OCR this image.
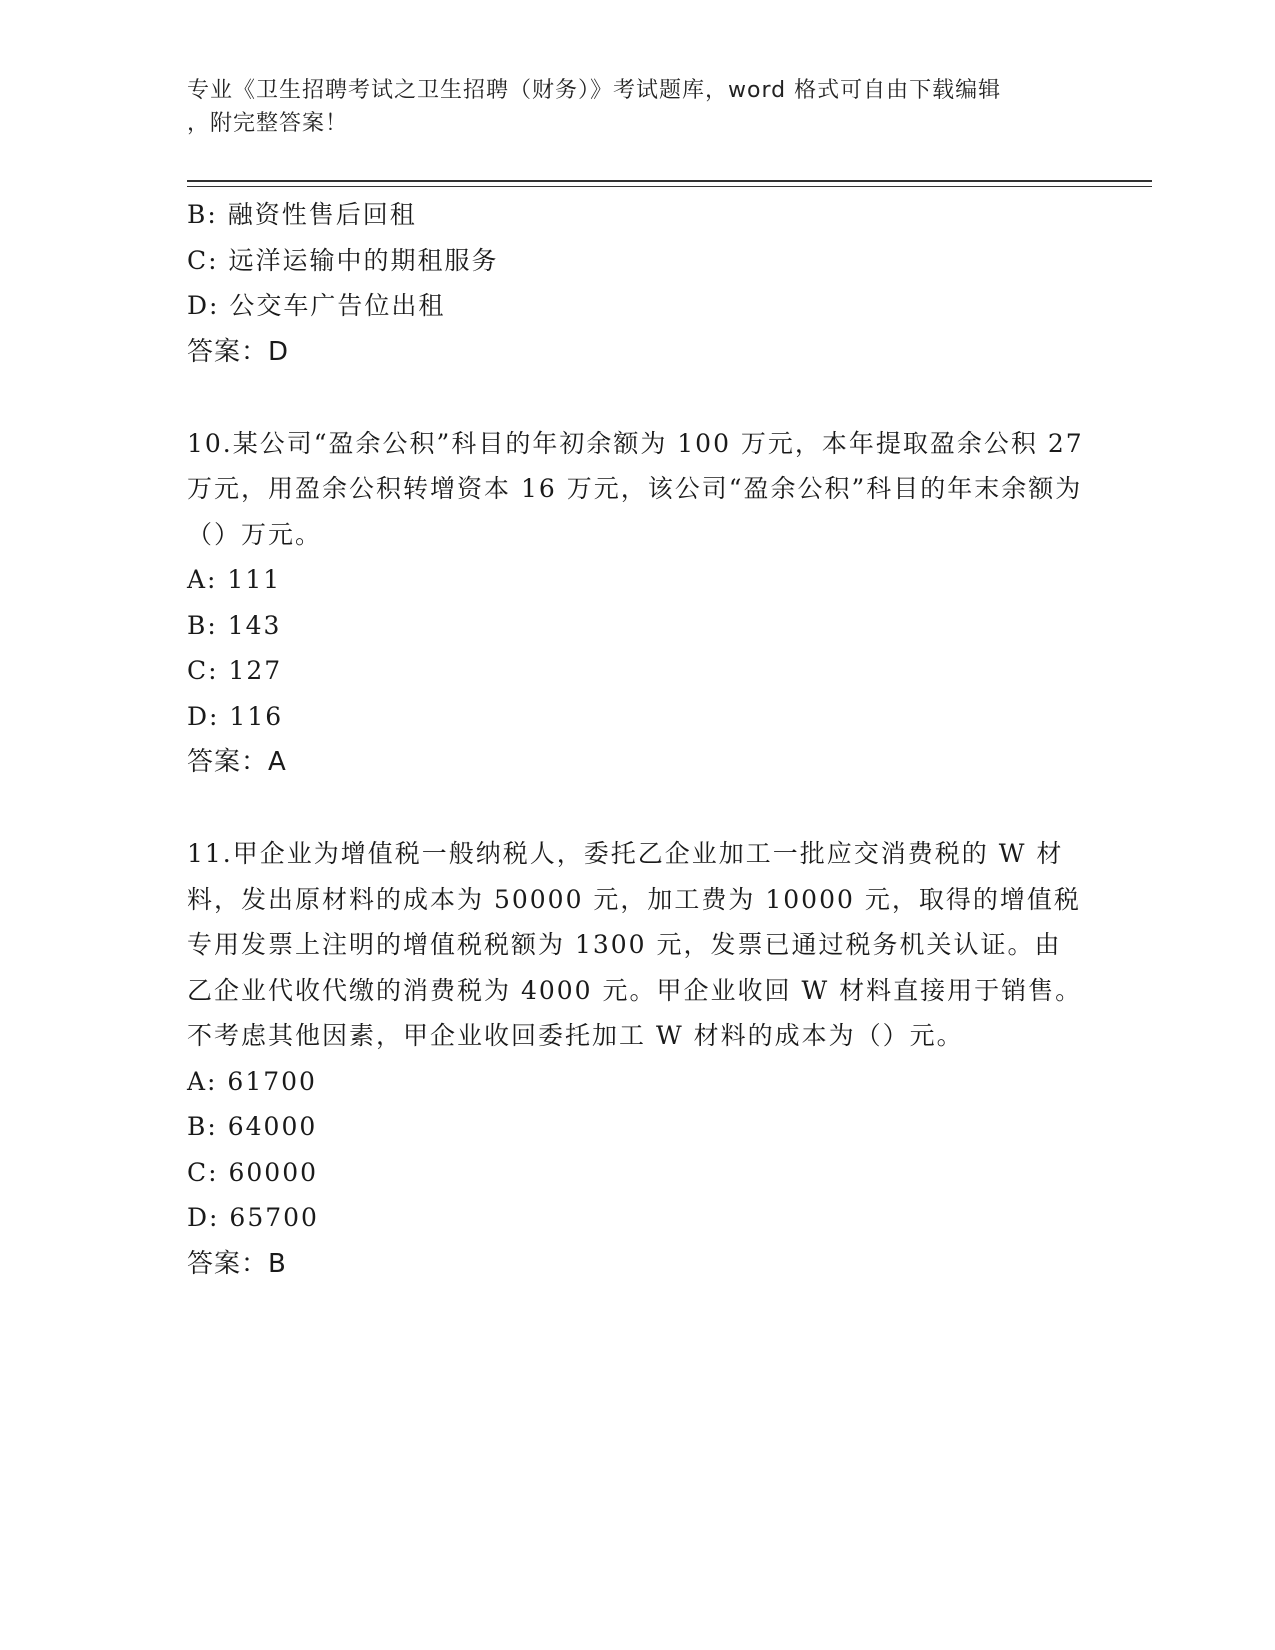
专业《卫生招聘考试之卫生招聘（财务）》考试题库，word 格式可自由下载编辑
，附完整答案！
B: 融资性售后回租
C: 远洋运输中的期租服务
D: 公交车广告位出租
答案：D
10.某公司“盈余公积”科目的年初余额为 100 万元，本年提取盈余公积 27 万元，用盈余公积转增资本 16 万元，该公司“盈余公积”科目的年末余额为（）万元。
A: 111
B: 143
C: 127
D: 116
答案：A
11.甲企业为增值税一般纳税人，委托乙企业加工一批应交消费税的 W 材料，发出原材料的成本为 50000 元，加工费为 10000 元，取得的增值税专用发票上注明的增值税税额为 1300 元，发票已通过税务机关认证。由乙企业代收代缴的消费税为 4000 元。甲企业收回 W 材料直接用于销售。不考虑其他因素，甲企业收回委托加工 W 材料的成本为（）元。
A: 61700
B: 64000
C: 60000
D: 65700
答案：B
